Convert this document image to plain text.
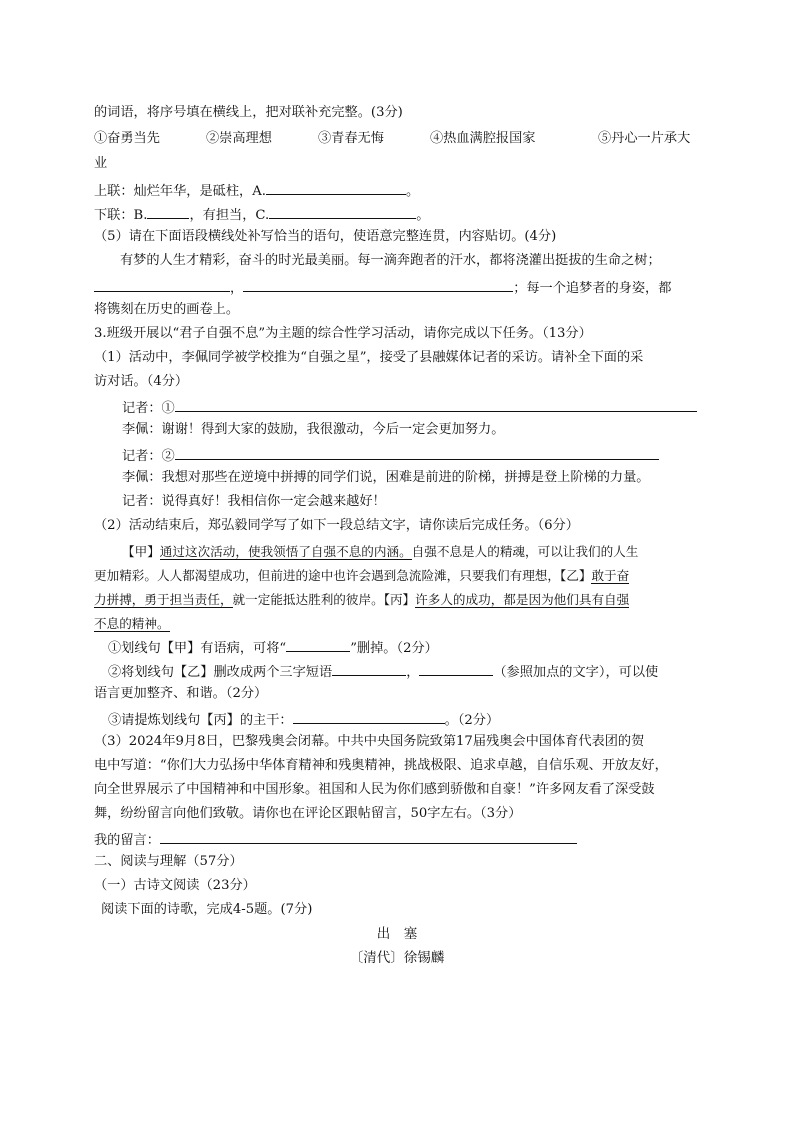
的词语，将序号填在横线上，把对联补充完整。(3分)
①奋勇当先	②崇高理想	③青春无悔	④热血满腔报国家	⑤丹心一片承大
业
上联：灿烂年华，是砥柱，A.	。
下联：B.	，有担当，C.	。
（5）请在下面语段横线处补写恰当的语句，使语意完整连贯，内容贴切。(4分)
有梦的人生才精彩，奋斗的时光最美丽。每一滴奔跑者的汗水，都将浇灌出挺拔的生命之树；
，	；每一个追梦者的身姿，都
将镌刻在历史的画卷上。
3.班级开展以“君子自强不息”为主题的综合性学习活动，请你完成以下任务。（13分）
（1）活动中，李佩同学被学校推为“自强之星”，接受了县融媒体记者的采访。请补全下面的采
访对话。（4分）
记者：①
李佩：谢谢！得到大家的鼓励，我很激动，今后一定会更加努力。
记者：②
李佩：我想对那些在逆境中拼搏的同学们说，困难是前进的阶梯，拼搏是登上阶梯的力量。
记者：说得真好！我相信你一定会越来越好！
（2）活动结束后，郑弘毅同学写了如下一段总结文字，请你读后完成任务。（6分）
【甲】通过这次活动，使我领悟了自强不息的内涵。自强不息是人的精魂，可以让我们的人生
更加精彩。人人都渴望成功，但前进的途中也许会遇到急流险滩，只要我们有理想，【乙】敢于奋
力拼搏，勇于担当责任，就一定能抵达胜利的彼岸。【丙】许多人的成功，都是因为他们具有自强
不息的精神。
①划线句【甲】有语病，可将“	”删掉。（2分）
②将划线句【乙】删改成两个三字短语	，	（参照加点的文字），可以使
语言更加整齐、和谐。（2分）
③请提炼划线句【丙】的主干：	。（2分）
（3）2024年9月8日，巴黎残奥会闭幕。中共中央国务院致第17届残奥会中国体育代表团的贺
电中写道：“你们大力弘扬中华体育精神和残奥精神，挑战极限、追求卓越，自信乐观、开放友好，
向全世界展示了中国精神和中国形象。祖国和人民为你们感到骄傲和自豪！”许多网友看了深受鼓
舞，纷纷留言向他们致敬。请你也在评论区跟帖留言，50字左右。（3分）
我的留言：
二、阅读与理解（57分）
（一）古诗文阅读（23分）
阅读下面的诗歌，完成4-5题。(7分)
出　塞
〔清代〕徐锡麟
